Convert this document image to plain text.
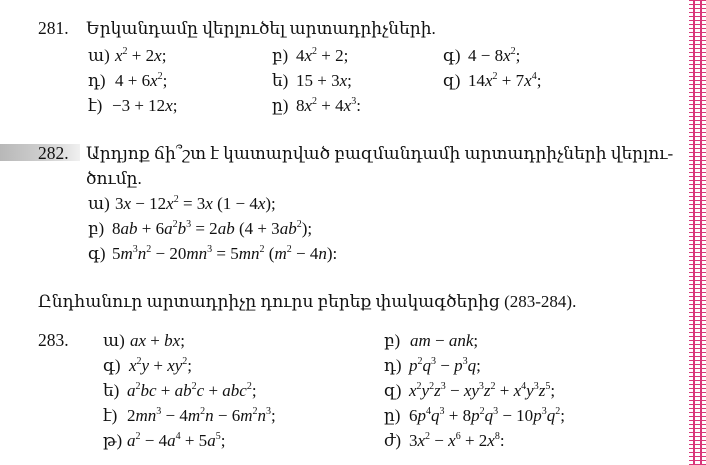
281. Երկանդամը վերլուծել արտադրիչների.
ա) $x^2 + 2x$;	բ) $4x^2 + 2$;	գ) $4 - 8x^2$;
դ) $4 + 6x^2$;	ե) 15 + 3x;	զ) $14x^2 + 7x^4$;
է) −3 + 12x;	ը) $8x^2 + 4x^3$:
282. Արդյոք ճի՞շտ է կատարված բազմանդամի արտադրիչների վերլու-
ծումը.
ա) $3x - 12x^2 = 3x$ (1 − 4x);
բ) $8ab + 6a^2b^3 = 2ab$ $(4 + 3ab^2)$;
գ) $5m^3n^2 - 20mn^3 = 5mn^2$ $(m^2 - 4n)$:
Ընդհանուր արտադրիչը դուրս բերեք փակագծերից (283-284).
283. ա) ax + bx;	բ) am − ank;
գ) $x^2y + xy^2$;	դ) $p^2q^3 - p^3q$;
ե) $a^2bc + ab^2c + abc^2$;	զ) $x^2y^2z^3 - xy^3z^2 + x^4y^3z^5$;
է) $2mn^3 - 4m^2n - 6m^2n^3$;	ը) $6p^4q^3 + 8p^2q^3 - 10p^3q^2$;
թ) $a^2 - 4a^4 + 5a^5$;	ժ) $3x^2 - x^6 + 2x^8$:
